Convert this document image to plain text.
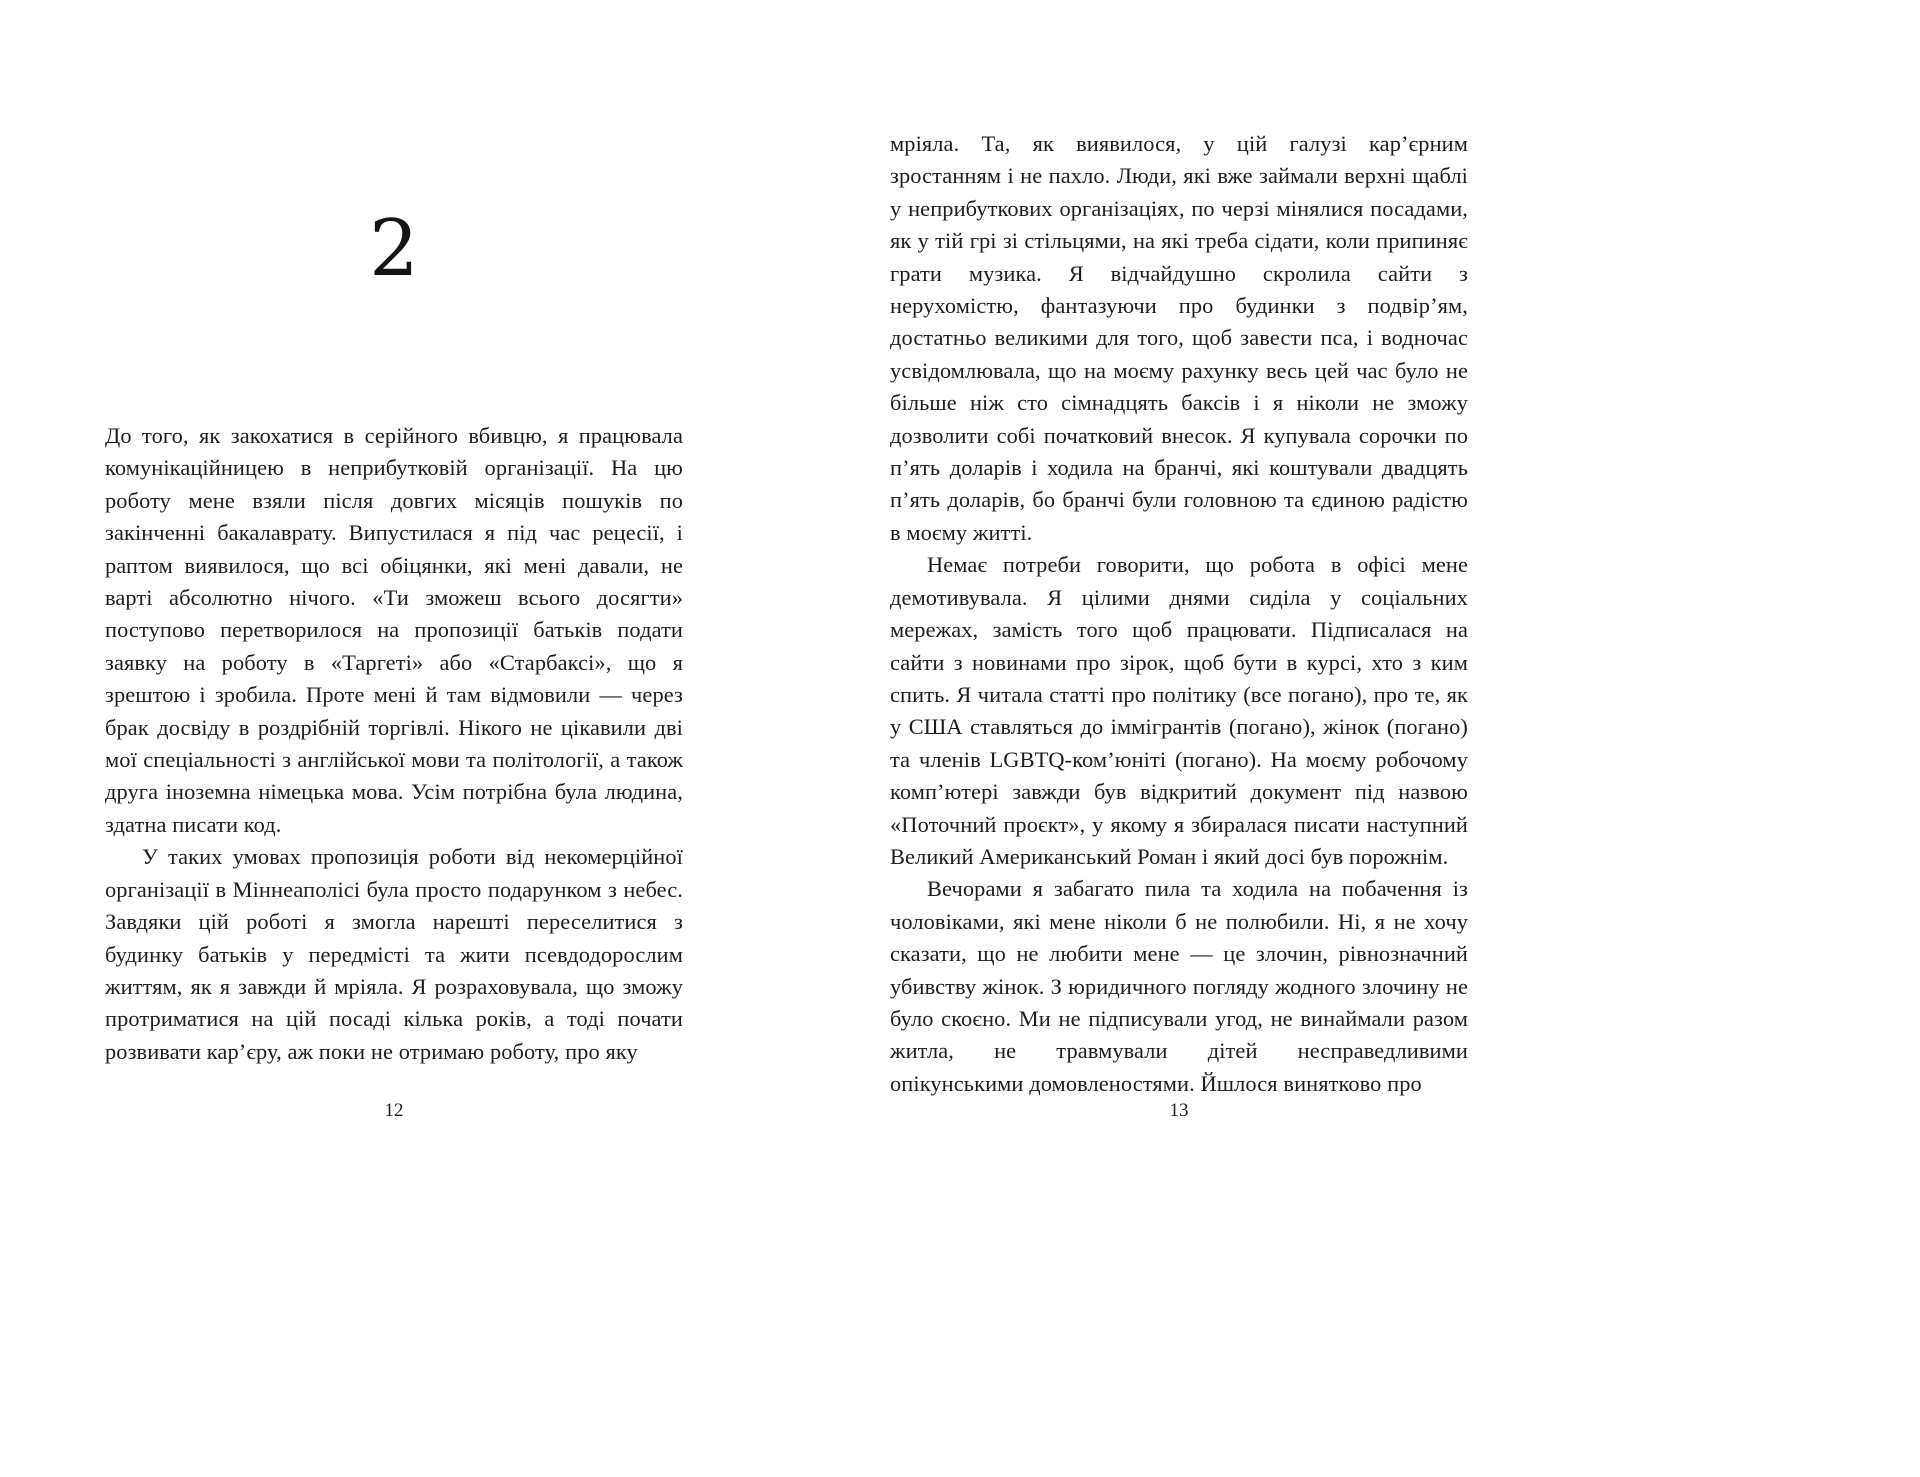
2

До того, як закохатися в серійного вбивцю, я працювала комунікаційницею в неприбутковій організації. На цю роботу мене взяли після довгих місяців пошуків по закінченні бакалаврату. Випустилася я під час рецесії, і раптом виявилося, що всі обіцянки, які мені давали, не варті абсолютно нічого. «Ти зможеш всього досягти» поступово перетворилося на пропозиції батьків подати заявку на роботу в «Таргеті» або «Старбаксі», що я зрештою і зробила. Проте мені й там відмовили — через брак досвіду в роздрібній торгівлі. Нікого не цікавили дві мої спеціальності з англійської мови та політології, а також друга іноземна німецька мова. Усім потрібна була людина, здатна писати код.

У таких умовах пропозиція роботи від некомерційної організації в Міннеаполісі була просто подарунком з небес. Завдяки цій роботі я змогла нарешті переселитися з будинку батьків у передмісті та жити псевдодорослим життям, як я завжди й мріяла. Я розраховувала, що зможу протриматися на цій посаді кілька років, а тоді почати розвивати кар’єру, аж поки не отримаю роботу, про яку

12

мріяла. Та, як виявилося, у цій галузі кар’єрним зростанням і не пахло. Люди, які вже займали верхні щаблі у неприбуткових організаціях, по черзі мінялися посадами, як у тій грі зі стільцями, на які треба сідати, коли припиняє грати музика. Я відчайдушно скролила сайти з нерухомістю, фантазуючи про будинки з подвір’ям, достатньо великими для того, щоб завести пса, і водночас усвідомлювала, що на моєму рахунку весь цей час було не більше ніж сто сімнадцять баксів і я ніколи не зможу дозволити собі початковий внесок. Я купувала сорочки по п’ять доларів і ходила на бранчі, які коштували двадцять п’ять доларів, бо бранчі були головною та єдиною радістю в моєму житті.

Немає потреби говорити, що робота в офісі мене демотивувала. Я цілими днями сиділа у соціальних мережах, замість того щоб працювати. Підписалася на сайти з новинами про зірок, щоб бути в курсі, хто з ким спить. Я читала статті про політику (все погано), про те, як у США ставляться до іммігрантів (погано), жінок (погано) та членів LGBTQ-ком’юніті (погано). На моєму робочому комп’ютері завжди був відкритий документ під назвою «Поточний проєкт», у якому я збиралася писати наступний Великий Американський Роман і який досі був порожнім.

Вечорами я забагато пила та ходила на побачення із чоловіками, які мене ніколи б не полюбили. Ні, я не хочу сказати, що не любити мене — це злочин, рівнозначний убивству жінок. З юридичного погляду жодного злочину не було скоєно. Ми не підписували угод, не винаймали разом житла, не травмували дітей несправедливими опікунськими домовленостями. Йшлося винятково про

13
